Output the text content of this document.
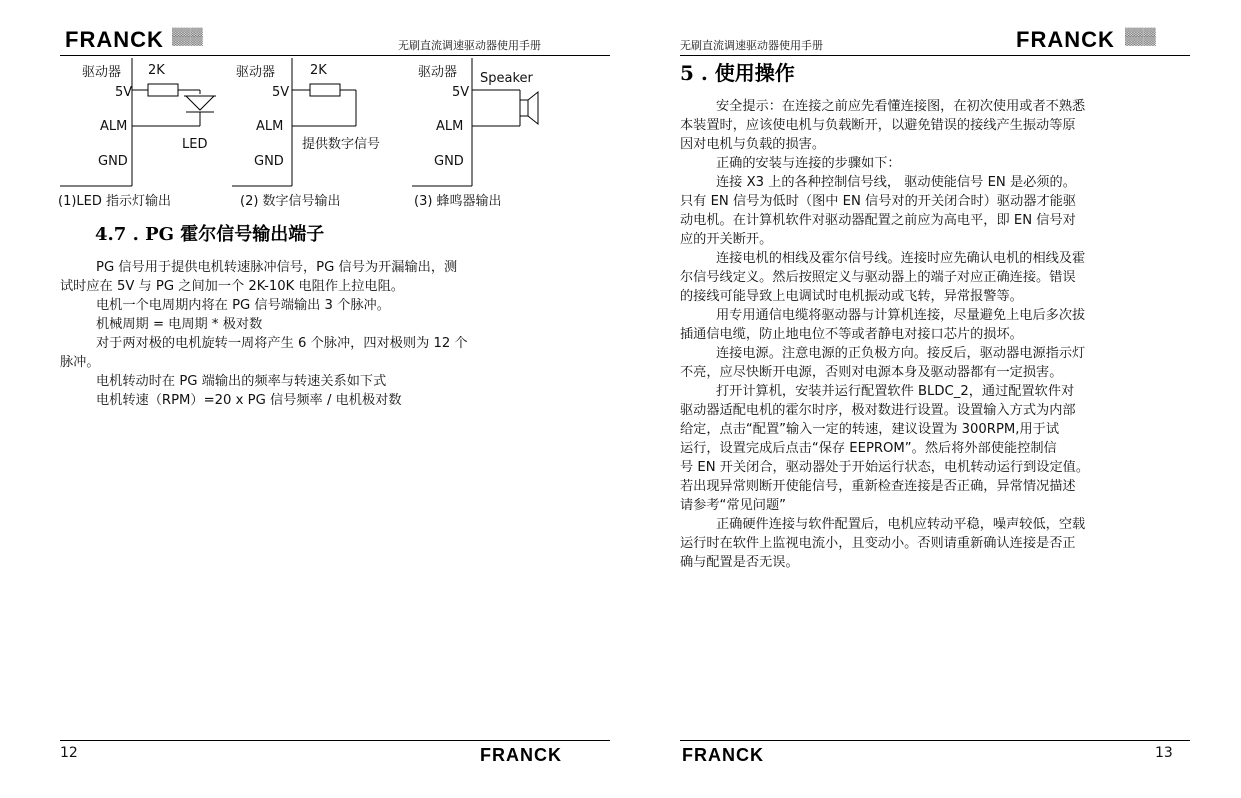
FRANCK ▒▒▒▒▒
▒▒▒▒▒	无刷直流调速驱动器使用手册
驱动器 2K
5V
ALM
GND
LED
(1)LED 指示灯输出
驱动器	2K
5V
ALM
GND
提供数字信号
(2) 数字信号输出
驱动器 Speaker
5V
ALM
GND
(3) 蜂鸣器输出
4.7 . PG 霍尔信号输出端子
PG 信号用于提供电机转速脉冲信号，PG 信号为开漏输出，测
试时应在 5V 与 PG 之间加一个 2K-10K 电阻作上拉电阻。
电机一个电周期内将在 PG 信号端输出 3 个脉冲。
机械周期 = 电周期 * 极对数
对于两对极的电机旋转一周将产生 6 个脉冲，四对极则为 12 个
脉冲。
电机转动时在 PG 端输出的频率与转速关系如下式
电机转速（RPM）=20 x PG 信号频率 / 电机极对数
12	FRANCK
无刷直流调速驱动器使用手册	FRANCK ▒▒▒▒▒
▒▒▒▒▒
5 . 使用操作
安全提示：在连接之前应先看懂连接图，在初次使用或者不熟悉
本装置时，应该使电机与负载断开，以避免错误的接线产生振动等原
因对电机与负载的损害。
正确的安装与连接的步骤如下：
连接 X3 上的各种控制信号线， 驱动使能信号 EN 是必须的。
只有 EN 信号为低时（图中 EN 信号对的开关闭合时）驱动器才能驱
动电机。在计算机软件对驱动器配置之前应为高电平，即 EN 信号对
应的开关断开。
连接电机的相线及霍尔信号线。连接时应先确认电机的相线及霍
尔信号线定义。然后按照定义与驱动器上的端子对应正确连接。错误
的接线可能导致上电调试时电机振动或飞转，异常报警等。
用专用通信电缆将驱动器与计算机连接，尽量避免上电后多次拔
插通信电缆，防止地电位不等或者静电对接口芯片的损坏。
连接电源。注意电源的正负极方向。接反后，驱动器电源指示灯
不亮，应尽快断开电源，否则对电源本身及驱动器都有一定损害。
打开计算机，安装并运行配置软件 BLDC_2，通过配置软件对
驱动器适配电机的霍尔时序，极对数进行设置。设置输入方式为内部
给定，点击“配置”输入一定的转速，建议设置为 300RPM,用于试
运行，设置完成后点击“保存 EEPROM”。然后将外部使能控制信
号 EN 开关闭合，驱动器处于开始运行状态，电机转动运行到设定值。
若出现异常则断开使能信号，重新检查连接是否正确，异常情况描述
请参考“常见问题”
正确硬件连接与软件配置后，电机应转动平稳，噪声较低，空载
运行时在软件上监视电流小，且变动小。否则请重新确认连接是否正
确与配置是否无误。
FRANCK	13
